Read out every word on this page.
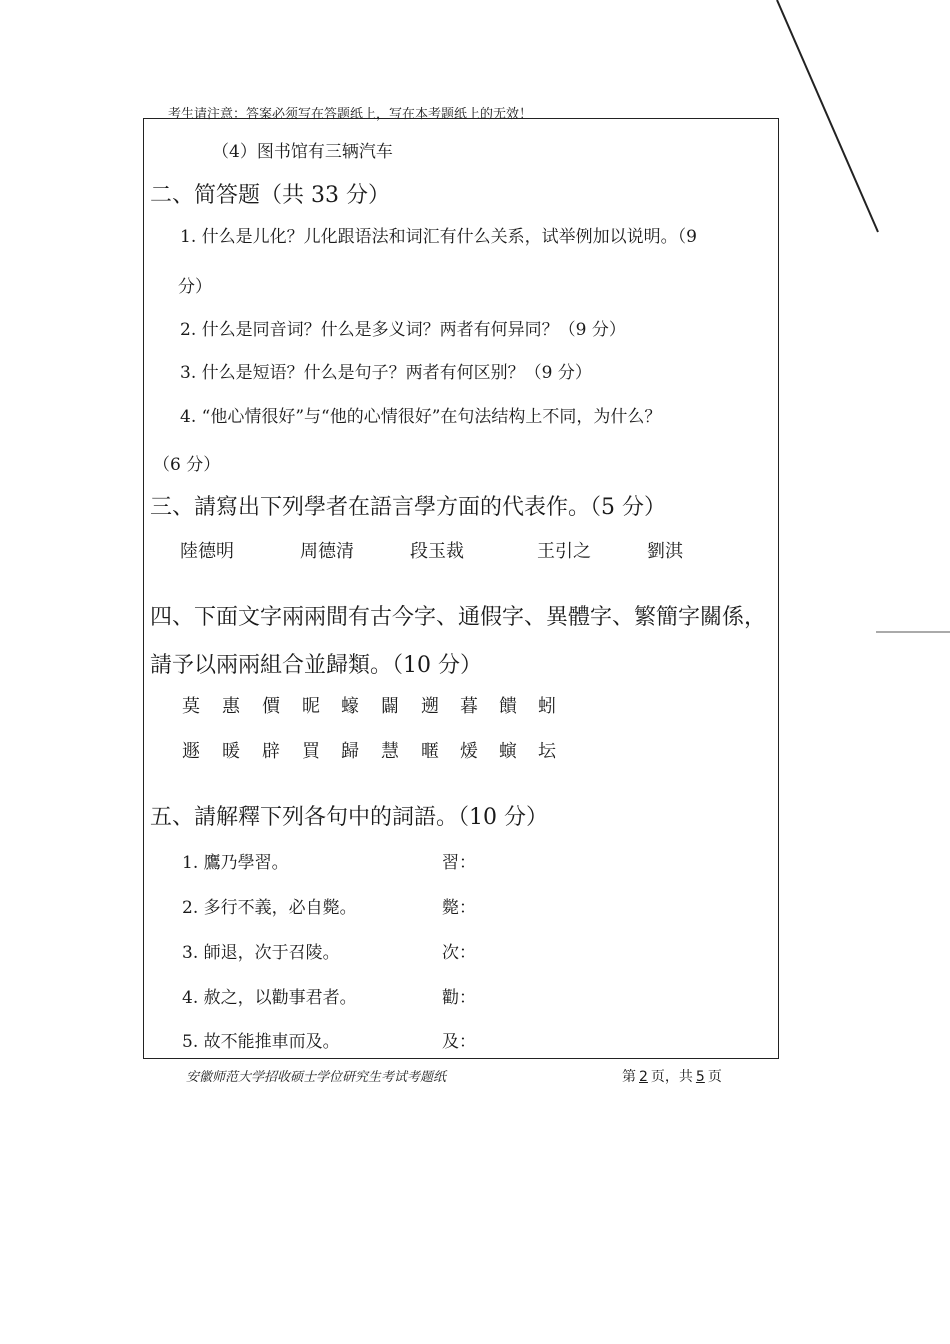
考生请注意：答案必须写在答题纸上，写在本考题纸上的无效！
（4）图书馆有三辆汽车
二、简答题（共 33 分）
1. 什么是儿化？儿化跟语法和词汇有什么关系，试举例加以说明。（9
分）
2. 什么是同音词？什么是多义词？两者有何异同？（9 分）
3. 什么是短语？什么是句子？两者有何区别？（9 分）
4. “他心情很好”与“他的心情很好”在句法结构上不同，为什么？
（6 分）
三、請寫出下列學者在語言學方面的代表作。（5 分）
陸德明	周德清	段玉裁	王引之	劉淇
四、下面文字兩兩間有古今字、通假字、異體字、繁簡字關係，
請予以兩兩組合並歸類。（10 分）
莫 惠 價 昵 蠔 闢 遡 暮 饋 蚓
遯 暖 辟 買 歸 慧 暱 煖 螾 坛
五、請解釋下列各句中的詞語。（10 分）
1. 鷹乃學習。	習：
2. 多行不義，必自斃。	斃：
3. 師退，次于召陵。	次：
4. 赦之，以勸事君者。	勸：
5. 故不能推車而及。	及：
安徽师范大学招收硕士学位研究生考试考题纸	第 2 页，共 5 页
